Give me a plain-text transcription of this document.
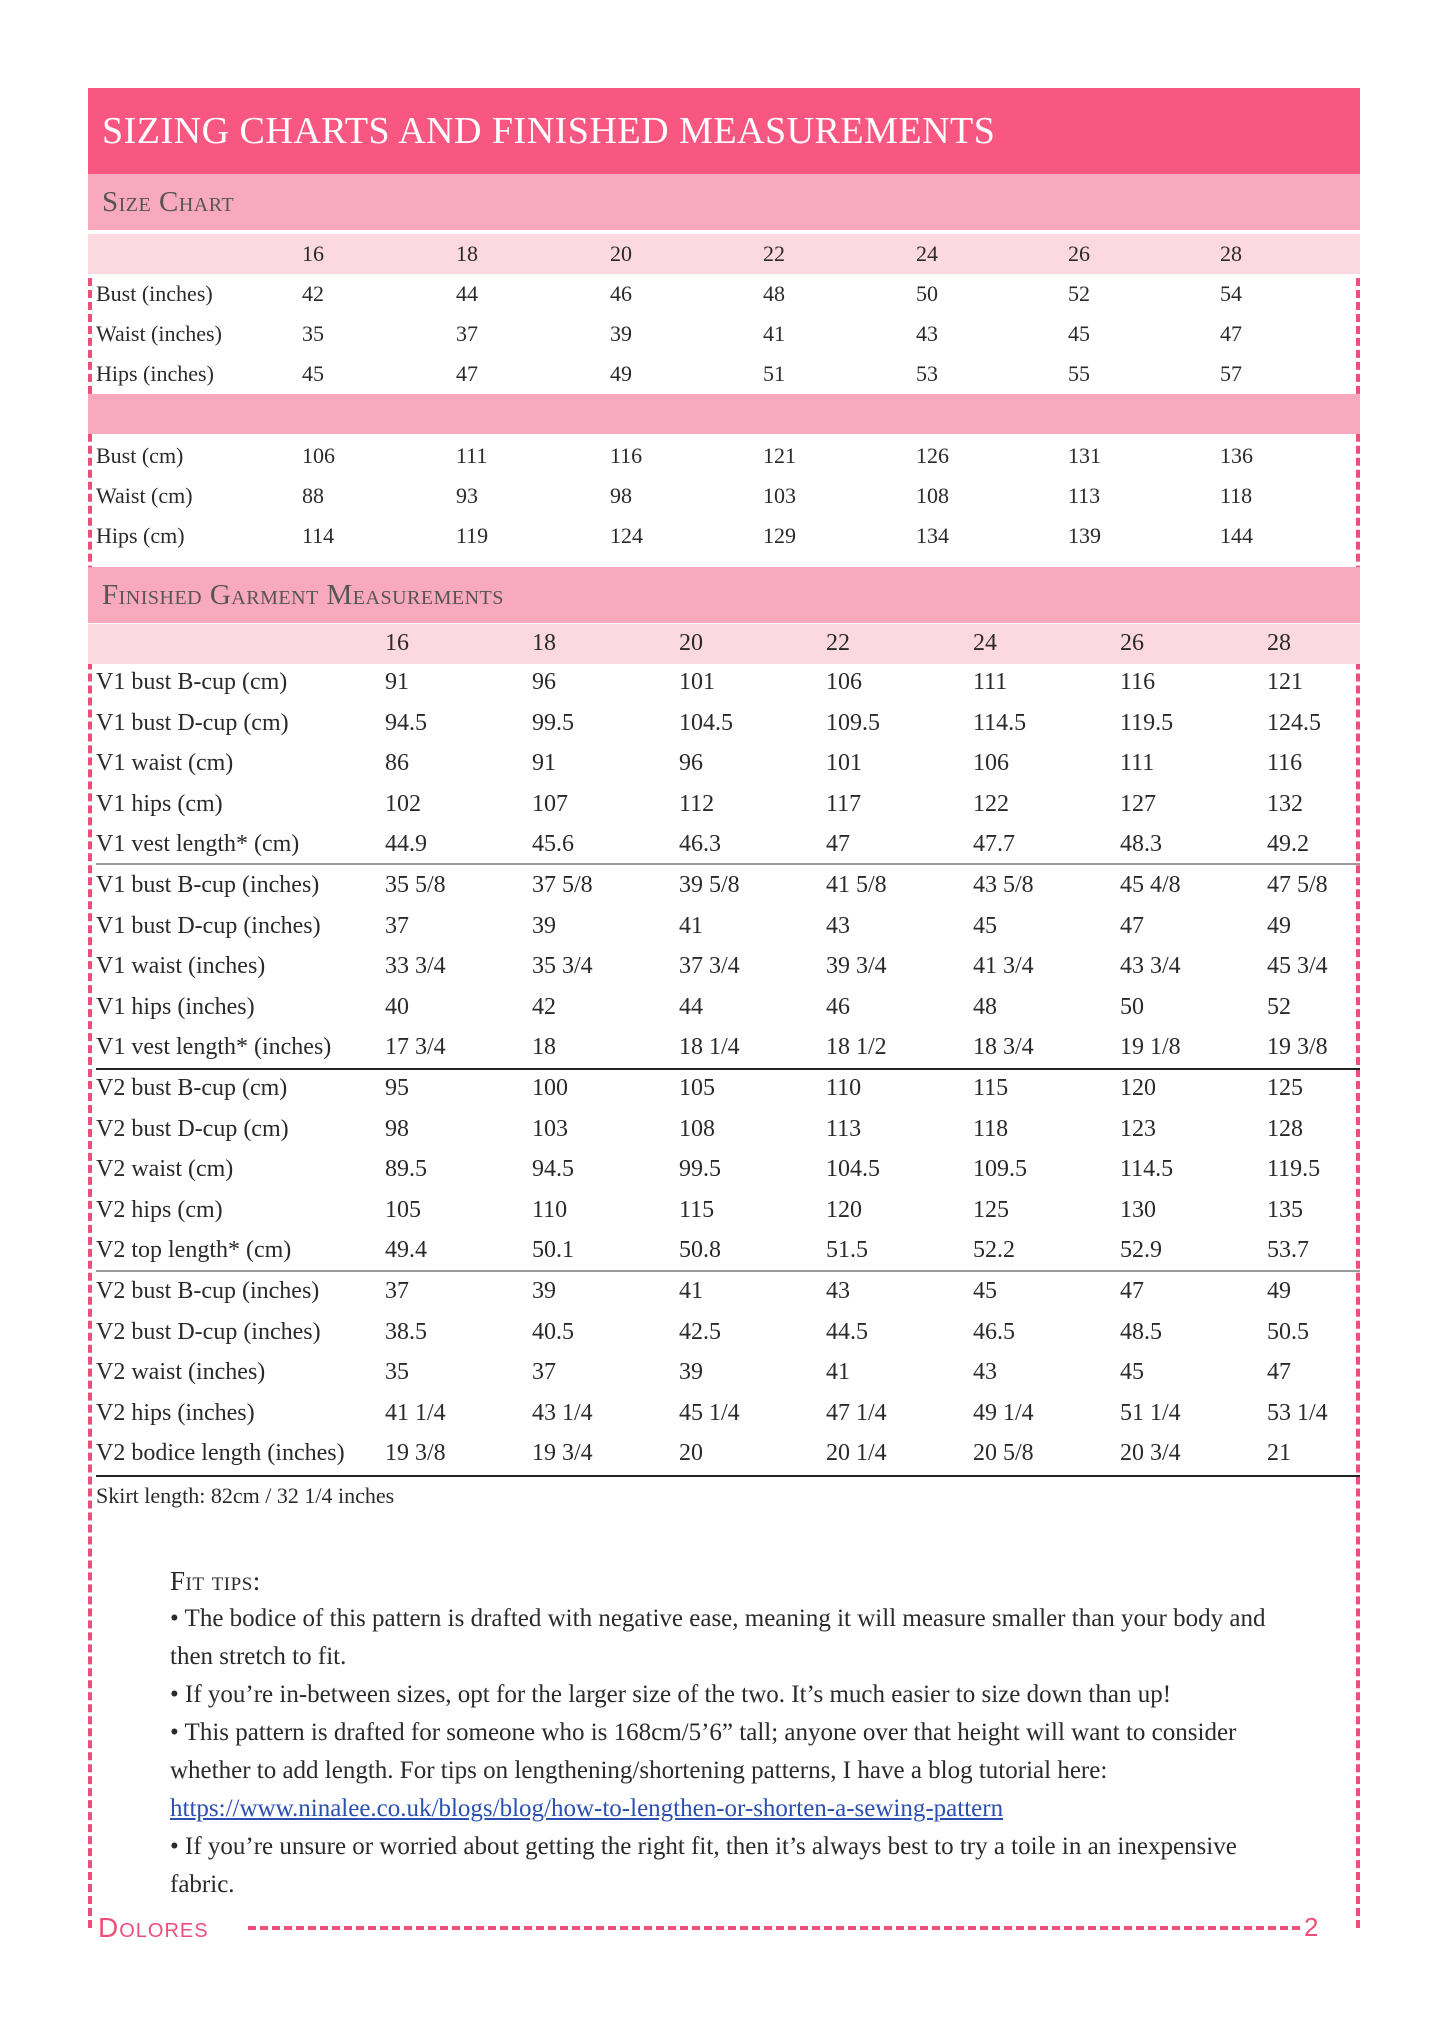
SIZING CHARTS AND FINISHED MEASUREMENTS
Size Chart
16	18	20	22	24	26	28
Bust (inches)	42	44	46	48	50	52	54
Waist (inches)	35	37	39	41	43	45	47
Hips (inches)	45	47	49	51	53	55	57
Bust (cm)	106	111	116	121	126	131	136
Waist (cm)	88	93	98	103	108	113	118
Hips (cm)	114	119	124	129	134	139	144
Finished Garment Measurements
16	18	20	22	24	26	28
V1 bust B-cup (cm)	91	96	101	106	111	116	121
V1 bust D-cup (cm)	94.5	99.5	104.5	109.5	114.5	119.5	124.5
V1 waist (cm)	86	91	96	101	106	111	116
V1 hips (cm)	102	107	112	117	122	127	132
V1 vest length* (cm)	44.9	45.6	46.3	47	47.7	48.3	49.2
V1 bust B-cup (inches)	35 5/8	37 5/8	39 5/8	41 5/8	43 5/8	45 4/8	47 5/8
V1 bust D-cup (inches)	37	39	41	43	45	47	49
V1 waist (inches)	33 3/4	35 3/4	37 3/4	39 3/4	41 3/4	43 3/4	45 3/4
V1 hips (inches)	40	42	44	46	48	50	52
V1 vest length* (inches) 17 3/4	18	18 1/4	18 1/2	18 3/4	19 1/8	19 3/8
V2 bust B-cup (cm)	95	100	105	110	115	120	125
V2 bust D-cup (cm)	98	103	108	113	118	123	128
V2 waist (cm)	89.5	94.5	99.5	104.5	109.5	114.5	119.5
V2 hips (cm)	105	110	115	120	125	130	135
V2 top length* (cm)	49.4	50.1	50.8	51.5	52.2	52.9	53.7
V2 bust B-cup (inches)	37	39	41	43	45	47	49
V2 bust D-cup (inches)	38.5	40.5	42.5	44.5	46.5	48.5	50.5
V2 waist (inches)	35	37	39	41	43	45	47
V2 hips (inches)	41 1/4	43 1/4	45 1/4	47 1/4	49 1/4	51 1/4	53 1/4
V2 bodice length (inches) 19 3/8	19 3/4	20	20 1/4	20 5/8	20 3/4	21
Skirt length: 82cm / 32 1/4 inches

Fit tips:

• The bodice of this pattern is drafted with negative ease, meaning it will measure smaller than your body and then stretch to fit.

• If you’re in-between sizes, opt for the larger size of the two. It’s much easier to size down than up!

• This pattern is drafted for someone who is 168cm/5’6” tall; anyone over that height will want to consider whether to add length. For tips on lengthening/shortening patterns, I have a blog tutorial here: https://www.ninalee.co.uk/blogs/blog/how-to-lengthen-or-shorten-a-sewing-pattern

• If you’re unsure or worried about getting the right fit, then it’s always best to try a toile in an inexpensive fabric.

Dolores	2
